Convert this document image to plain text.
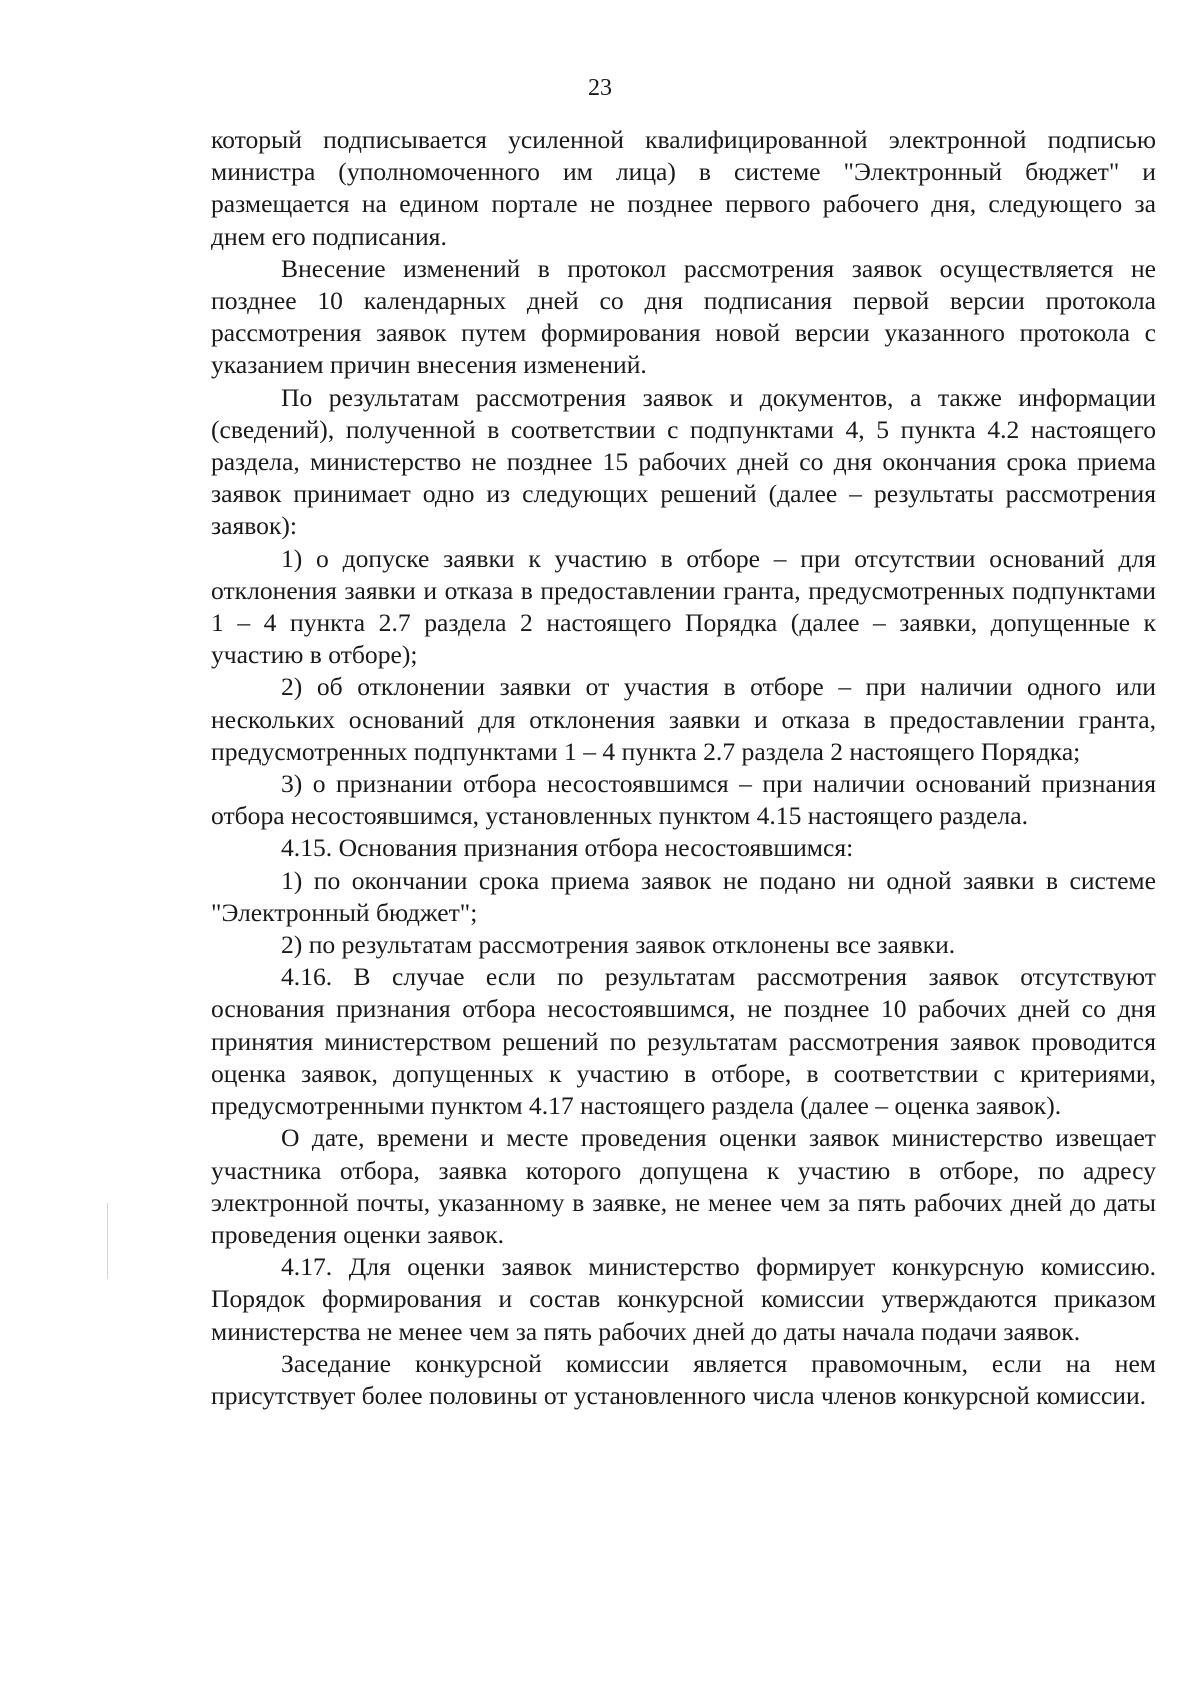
23

который подписывается усиленной квалифицированной электронной подписью министра (уполномоченного им лица) в системе "Электронный бюджет" и размещается на едином портале не позднее первого рабочего дня, следующего за днем его подписания.

Внесение изменений в протокол рассмотрения заявок осуществляется не позднее 10 календарных дней со дня подписания первой версии протокола рассмотрения заявок путем формирования новой версии указанного протокола с указанием причин внесения изменений.

По результатам рассмотрения заявок и документов, а также информации (сведений), полученной в соответствии с подпунктами 4, 5 пункта 4.2 настоящего раздела, министерство не позднее 15 рабочих дней со дня окончания срока приема заявок принимает одно из следующих решений (далее – результаты рассмотрения заявок):

1) о допуске заявки к участию в отборе – при отсутствии оснований для отклонения заявки и отказа в предоставлении гранта, предусмотренных подпунктами 1 – 4 пункта 2.7 раздела 2 настоящего Порядка (далее – заявки, допущенные к участию в отборе);

2) об отклонении заявки от участия в отборе – при наличии одного или нескольких оснований для отклонения заявки и отказа в предоставлении гранта, предусмотренных подпунктами 1 – 4 пункта 2.7 раздела 2 настоящего Порядка;

3) о признании отбора несостоявшимся – при наличии оснований признания отбора несостоявшимся, установленных пунктом 4.15 настоящего раздела.

4.15. Основания признания отбора несостоявшимся:

1) по окончании срока приема заявок не подано ни одной заявки в системе "Электронный бюджет";

2) по результатам рассмотрения заявок отклонены все заявки.

4.16. В случае если по результатам рассмотрения заявок отсутствуют основания признания отбора несостоявшимся, не позднее 10 рабочих дней со дня принятия министерством решений по результатам рассмотрения заявок проводится оценка заявок, допущенных к участию в отборе, в соответствии с критериями, предусмотренными пунктом 4.17 настоящего раздела (далее – оценка заявок).

О дате, времени и месте проведения оценки заявок министерство извещает участника отбора, заявка которого допущена к участию в отборе, по адресу электронной почты, указанному в заявке, не менее чем за пять рабочих дней до даты проведения оценки заявок.

4.17. Для оценки заявок министерство формирует конкурсную комиссию. Порядок формирования и состав конкурсной комиссии утверждаются приказом министерства не менее чем за пять рабочих дней до даты начала подачи заявок.

Заседание конкурсной комиссии является правомочным, если на нем присутствует более половины от установленного числа членов конкурсной комиссии.
